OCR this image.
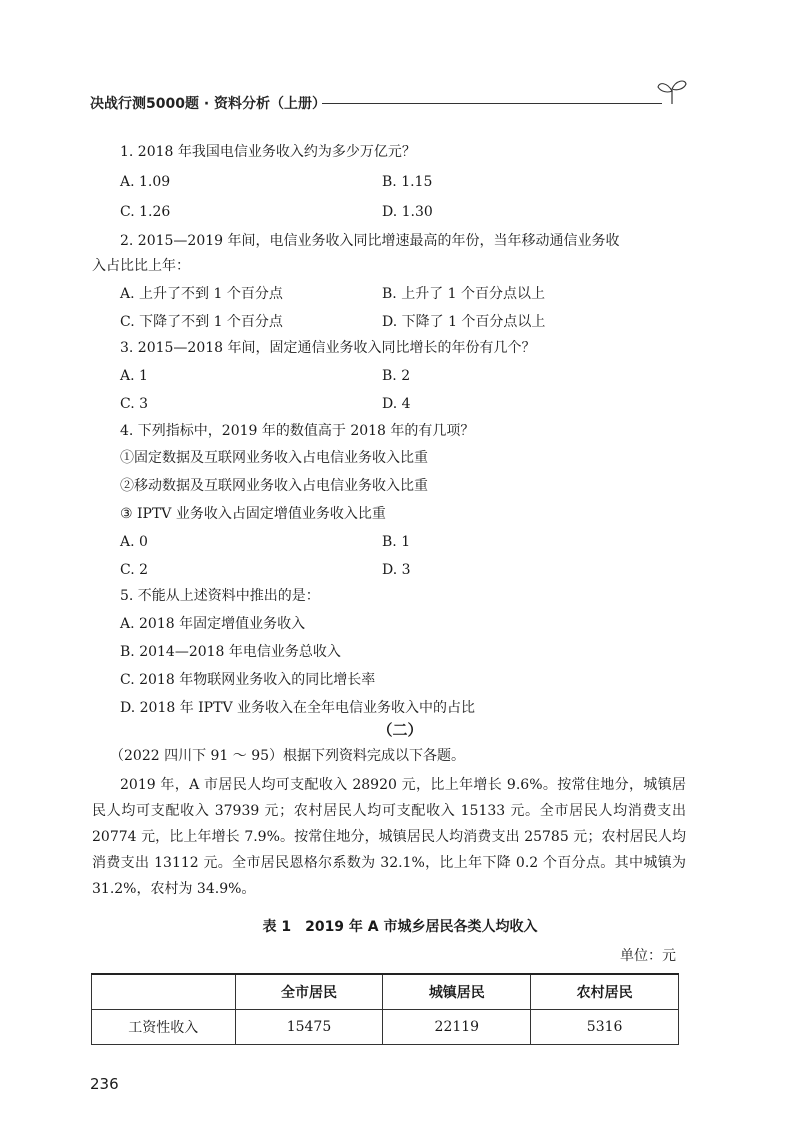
决战行测5000题 · 资料分析（上册）
1. 2018 年我国电信业务收入约为多少万亿元？
A. 1.09	B. 1.15
C. 1.26	D. 1.30
2. 2015—2019 年间，电信业务收入同比增速最高的年份，当年移动通信业务收
入占比比上年：
A. 上升了不到 1 个百分点	B. 上升了 1 个百分点以上
C. 下降了不到 1 个百分点	D. 下降了 1 个百分点以上
3. 2015—2018 年间，固定通信业务收入同比增长的年份有几个？
A. 1	B. 2
C. 3	D. 4
4. 下列指标中，2019 年的数值高于 2018 年的有几项？
①固定数据及互联网业务收入占电信业务收入比重
②移动数据及互联网业务收入占电信业务收入比重
③ IPTV 业务收入占固定增值业务收入比重
A. 0	B. 1
C. 2	D. 3
5. 不能从上述资料中推出的是：
A. 2018 年固定增值业务收入
B. 2014—2018 年电信业务总收入
C. 2018 年物联网业务收入的同比增长率
D. 2018 年 IPTV 业务收入在全年电信业务收入中的占比
（二）
（2022 四川下 91 ～ 95）根据下列资料完成以下各题。

2019 年，A 市居民人均可支配收入 28920 元，比上年增长 9.6%。按常住地分，城镇居民人均可支配收入 37939 元；农村居民人均可支配收入 15133 元。全市居民人均消费支出 20774 元，比上年增长 7.9%。按常住地分，城镇居民人均消费支出 25785 元；农村居民人均消费支出 13112 元。全市居民恩格尔系数为 32.1%，比上年下降 0.2 个百分点。其中城镇为 31.2%，农村为 34.9%。

表 1　2019 年 A 市城乡居民各类人均收入
单位：元
	全市居民	城镇居民	农村居民
工资性收入	15475	22119	5316
236
